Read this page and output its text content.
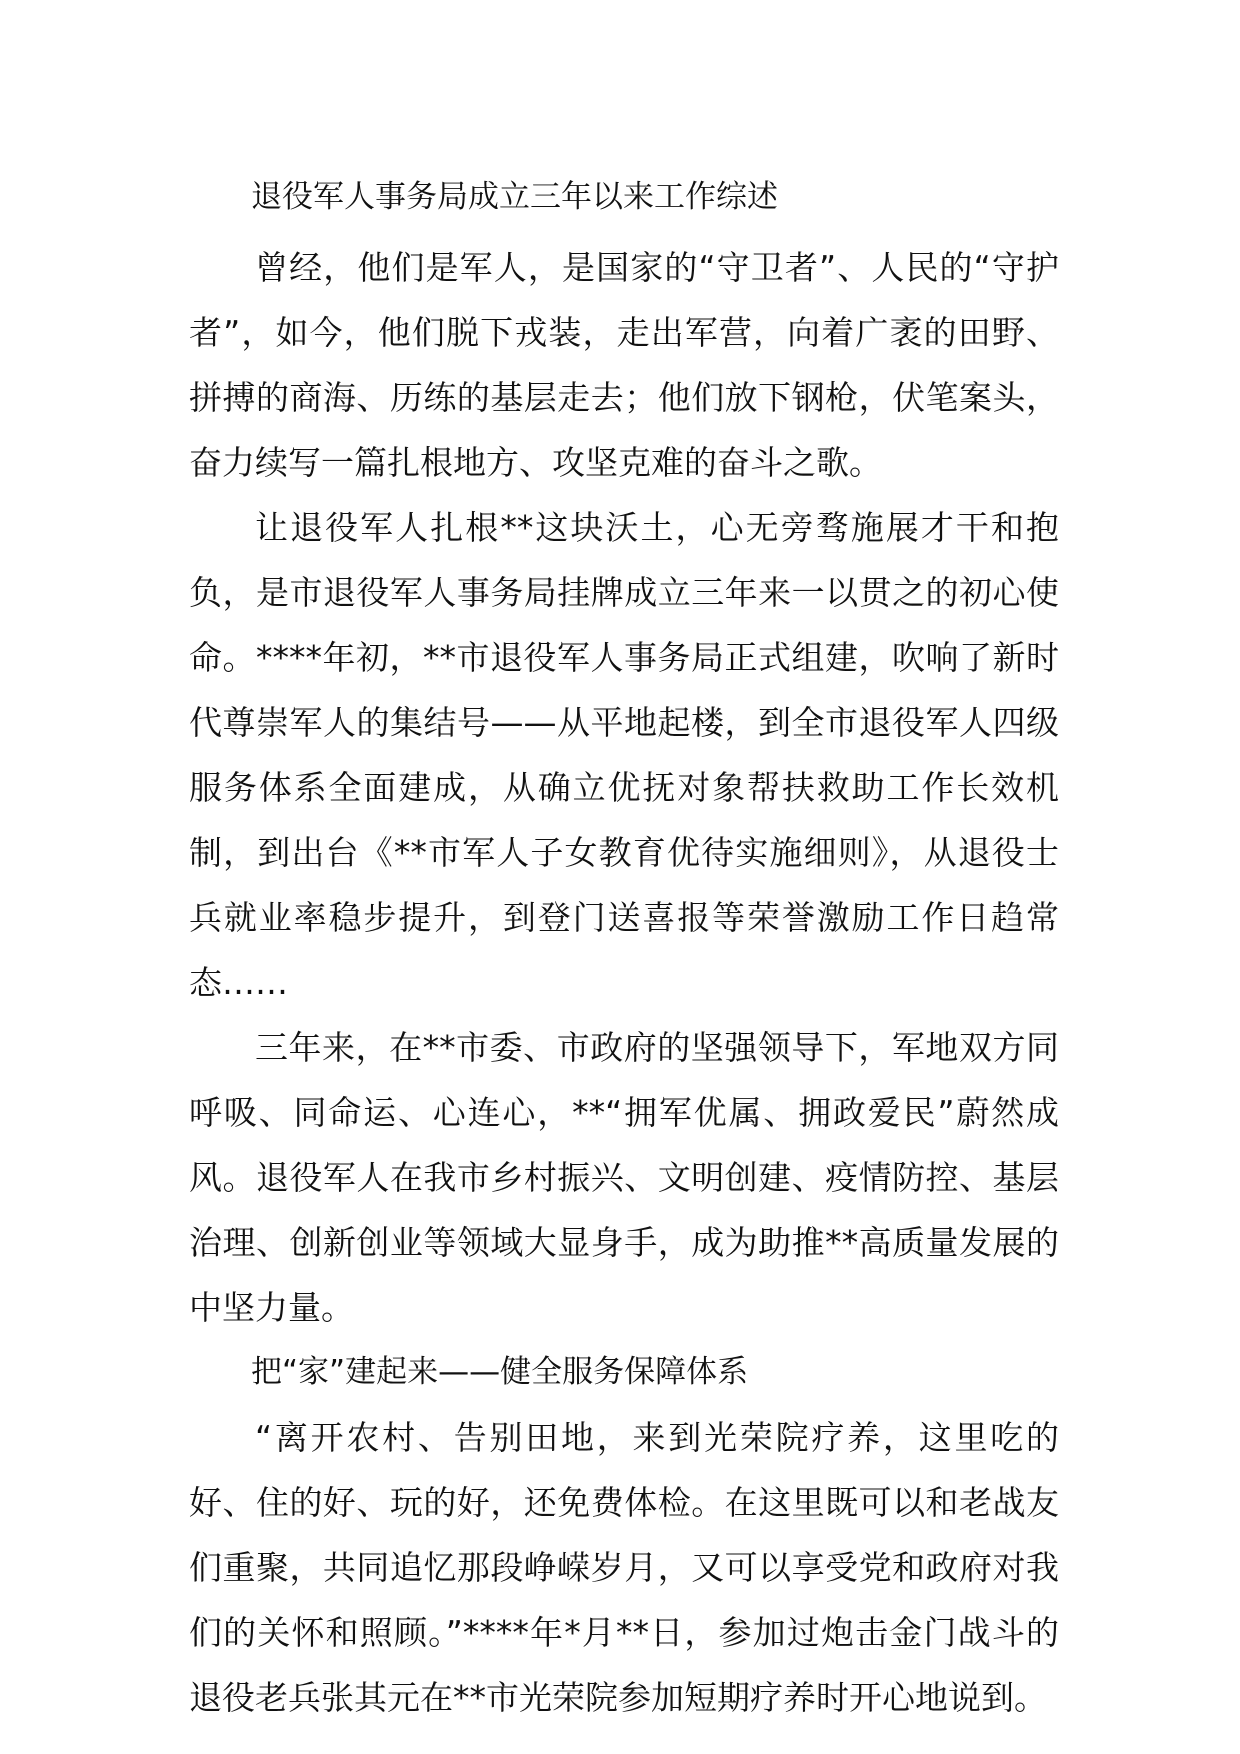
退役军人事务局成立三年以来工作综述

曾经，他们是军人，是国家的“守卫者”、人民的“守护者”，如今，他们脱下戎装，走出军营，向着广袤的田野、拼搏的商海、历练的基层走去；他们放下钢枪，伏笔案头，奋力续写一篇扎根地方、攻坚克难的奋斗之歌。

让退役军人扎根**这块沃土，心无旁骛施展才干和抱负，是市退役军人事务局挂牌成立三年来一以贯之的初心使命。****年初，**市退役军人事务局正式组建，吹响了新时代尊崇军人的集结号——从平地起楼，到全市退役军人四级服务体系全面建成，从确立优抚对象帮扶救助工作长效机制，到出台《**市军人子女教育优待实施细则》，从退役士兵就业率稳步提升，到登门送喜报等荣誉激励工作日趋常态……

三年来，在**市委、市政府的坚强领导下，军地双方同呼吸、同命运、心连心，**“拥军优属、拥政爱民”蔚然成风。退役军人在我市乡村振兴、文明创建、疫情防控、基层治理、创新创业等领域大显身手，成为助推**高质量发展的中坚力量。

把“家”建起来——健全服务保障体系

“离开农村、告别田地，来到光荣院疗养，这里吃的好、住的好、玩的好，还免费体检。在这里既可以和老战友们重聚，共同追忆那段峥嵘岁月，又可以享受党和政府对我们的关怀和照顾。”****年*月**日，参加过炮击金门战斗的退役老兵张其元在**市光荣院参加短期疗养时开心地说到。
